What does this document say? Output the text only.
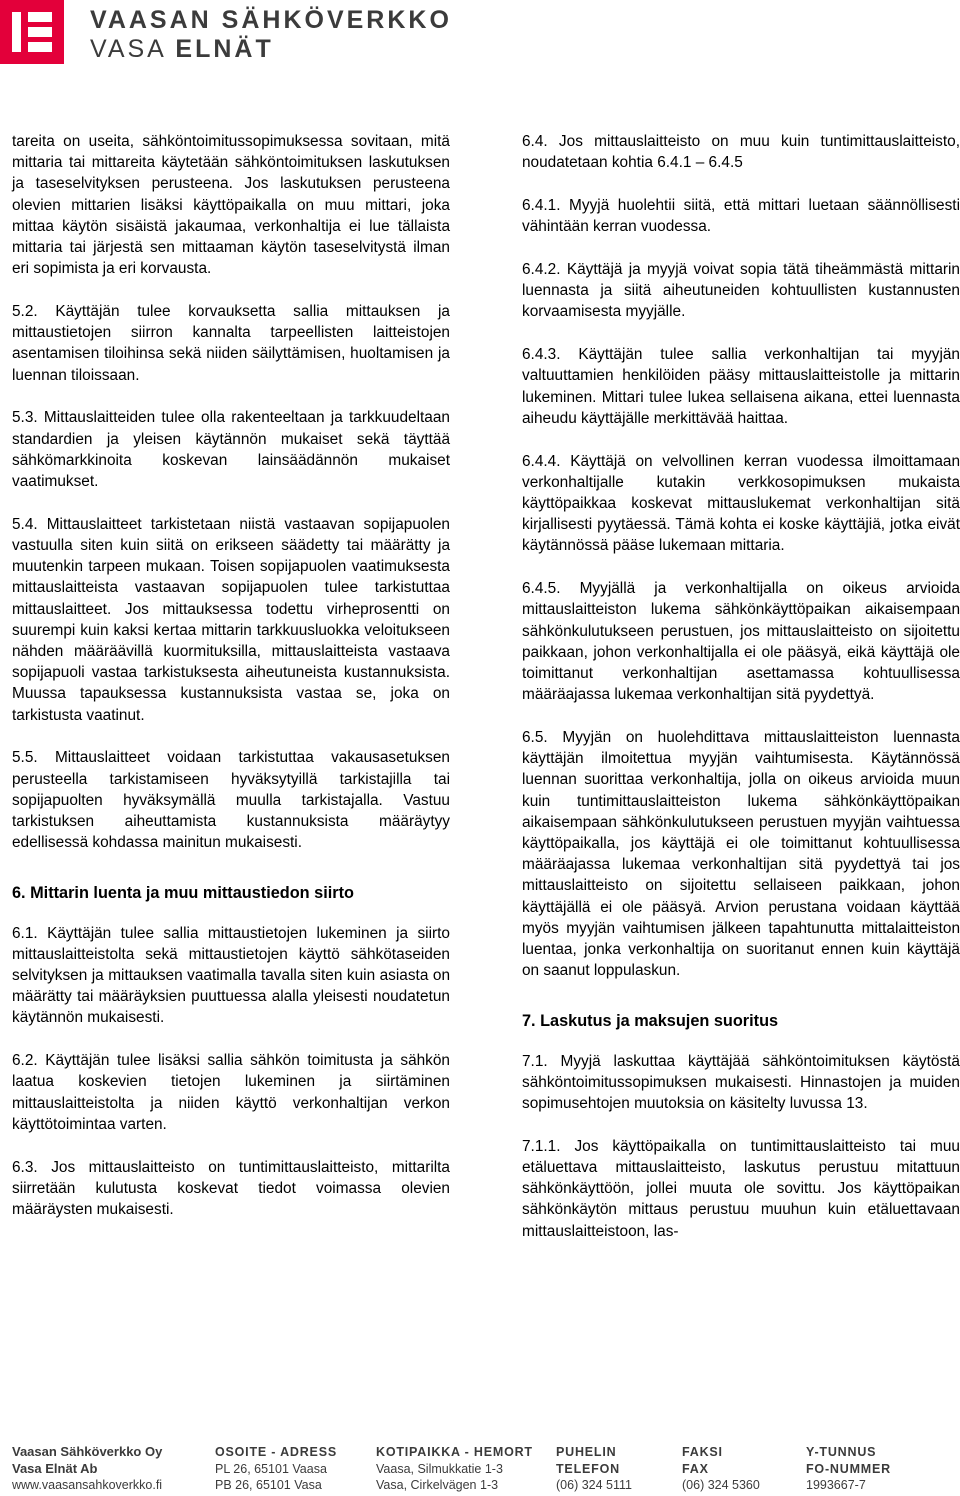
VAASAN SÄHKÖVERKKO
VASA ELNÄT

tareita on useita, sähköntoimitussopimuksessa sovitaan, mitä mittaria tai mittareita käytetään sähköntoimituksen laskutuksen ja taseselvityksen perusteena. Jos laskutuksen perusteena olevien mittarien lisäksi käyttöpaikalla on muu mittari, joka mittaa käytön sisäistä jakaumaa, verkonhaltija ei lue tällaista mittaria tai järjestä sen mittaaman käytön taseselvitystä ilman eri sopimista ja eri korvausta.

5.2. Käyttäjän tulee korvauksetta sallia mittauksen ja mittaustietojen siirron kannalta tarpeellisten laitteistojen asentamisen tiloihinsa sekä niiden säilyttämisen, huoltamisen ja luennan tiloissaan.

5.3. Mittauslaitteiden tulee olla rakenteeltaan ja tarkkuudeltaan standardien ja yleisen käytännön mukaiset sekä täyttää sähkömarkkinoita koskevan lainsäädännön mukaiset vaatimukset.

5.4. Mittauslaitteet tarkistetaan niistä vastaavan sopijapuolen vastuulla siten kuin siitä on erikseen säädetty tai määrätty ja muutenkin tarpeen mukaan. Toisen sopijapuolen vaatimuksesta mittauslaitteista vastaavan sopijapuolen tulee tarkistuttaa mittauslaitteet. Jos mittauksessa todettu virheprosentti on suurempi kuin kaksi kertaa mittarin tarkkuusluokka veloitukseen nähden määräävillä kuormituksilla, mittauslaitteista vastaava sopijapuoli vastaa tarkistuksesta aiheutuneista kustannuksista. Muussa tapauksessa kustannuksista vastaa se, joka on tarkistusta vaatinut.

5.5. Mittauslaitteet voidaan tarkistuttaa vakausasetuksen perusteella tarkistamiseen hyväksytyillä tarkistajilla tai sopijapuolten hyväksymällä muulla tarkistajalla. Vastuu tarkistuksen aiheuttamista kustannuksista määräytyy edellisessä kohdassa mainitun mukaisesti.

6. Mittarin luenta ja muu mittaustiedon siirto

6.1. Käyttäjän tulee sallia mittaustietojen lukeminen ja siirto mittauslaitteistolta sekä mittaustietojen käyttö sähkötaseiden selvityksen ja mittauksen vaatimalla tavalla siten kuin asiasta on määrätty tai määräyksien puuttuessa alalla yleisesti noudatetun käytännön mukaisesti.

6.2. Käyttäjän tulee lisäksi sallia sähkön toimitusta ja sähkön laatua koskevien tietojen lukeminen ja siirtäminen mittauslaitteistolta ja niiden käyttö verkonhaltijan verkon käyttötoimintaa varten.

6.3. Jos mittauslaitteisto on tuntimittauslaitteisto, mittarilta siirretään kulutusta koskevat tiedot voimassa olevien määräysten mukaisesti.

6.4. Jos mittauslaitteisto on muu kuin tuntimittauslaitteisto, noudatetaan kohtia 6.4.1 – 6.4.5

6.4.1. Myyjä huolehtii siitä, että mittari luetaan säännöllisesti vähintään kerran vuodessa.

6.4.2. Käyttäjä ja myyjä voivat sopia tätä tiheämmästä mittarin luennasta ja siitä aiheutuneiden kohtuullisten kustannusten korvaamisesta myyjälle.

6.4.3. Käyttäjän tulee sallia verkonhaltijan tai myyjän valtuuttamien henkilöiden pääsy mittauslaitteistolle ja mittarin lukeminen. Mittari tulee lukea sellaisena aikana, ettei luennasta aiheudu käyttäjälle merkittävää haittaa.

6.4.4. Käyttäjä on velvollinen kerran vuodessa ilmoittamaan verkonhaltijalle kutakin verkkosopimuksen mukaista käyttöpaikkaa koskevat mittauslukemat verkonhaltijan sitä kirjallisesti pyytäessä. Tämä kohta ei koske käyttäjiä, jotka eivät käytännössä pääse lukemaan mittaria.

6.4.5. Myyjällä ja verkonhaltijalla on oikeus arvioida mittauslaitteiston lukema sähkönkäyttöpaikan aikaisempaan sähkönkulutukseen perustuen, jos mittauslaitteisto on sijoitettu paikkaan, johon verkonhaltijalla ei ole pääsyä, eikä käyttäjä ole toimittanut verkonhaltijan asettamassa kohtuullisessa määräajassa lukemaa verkonhaltijan sitä pyydettyä.

6.5. Myyjän on huolehdittava mittauslaitteiston luennasta käyttäjän ilmoitettua myyjän vaihtumisesta. Käytännössä luennan suorittaa verkonhaltija, jolla on oikeus arvioida muun kuin tuntimittauslaitteiston lukema sähkönkäyttöpaikan aikaisempaan sähkönkulutukseen perustuen myyjän vaihtuessa käyttöpaikalla, jos käyttäjä ei ole toimittanut kohtuullisessa määräajassa lukemaa verkonhaltijan sitä pyydettyä tai jos mittauslaitteisto on sijoitettu sellaiseen paikkaan, johon käyttäjällä ei ole pääsyä. Arvion perustana voidaan käyttää myös myyjän vaihtumisen jälkeen tapahtunutta mittalaitteiston luentaa, jonka verkonhaltija on suoritanut ennen kuin käyttäjä on saanut loppulaskun.

7. Laskutus ja maksujen suoritus

7.1. Myyjä laskuttaa käyttäjää sähköntoimituksen käytöstä sähköntoimitussopimuksen mukaisesti. Hinnastojen ja muiden sopimusehtojen muutoksia on käsitelty luvussa 13.

7.1.1. Jos käyttöpaikalla on tuntimittauslaitteisto tai muu etäluettava mittauslaitteisto, laskutus perustuu mitattuun sähkönkäyttöön, jollei muuta ole sovittu. Jos käyttöpaikan sähkönkäytön mittaus perustuu muuhun kuin etäluettavaan mittauslaitteistoon, las-

Vaasan Sähköverkko Oy
Vasa Elnät Ab
www.vaasansahkoverkko.fi
OSOITE - ADRESS
PL 26, 65101 Vaasa
PB 26, 65101 Vasa
KOTIPAIKKA - HEMORT
Vaasa, Silmukkatie 1-3
Vasa, Cirkelvägen 1-3
PUHELIN
TELEFON
(06) 324 5111
FAKSI
FAX
(06) 324 5360
Y-TUNNUS
FO-NUMMER
1993667-7
